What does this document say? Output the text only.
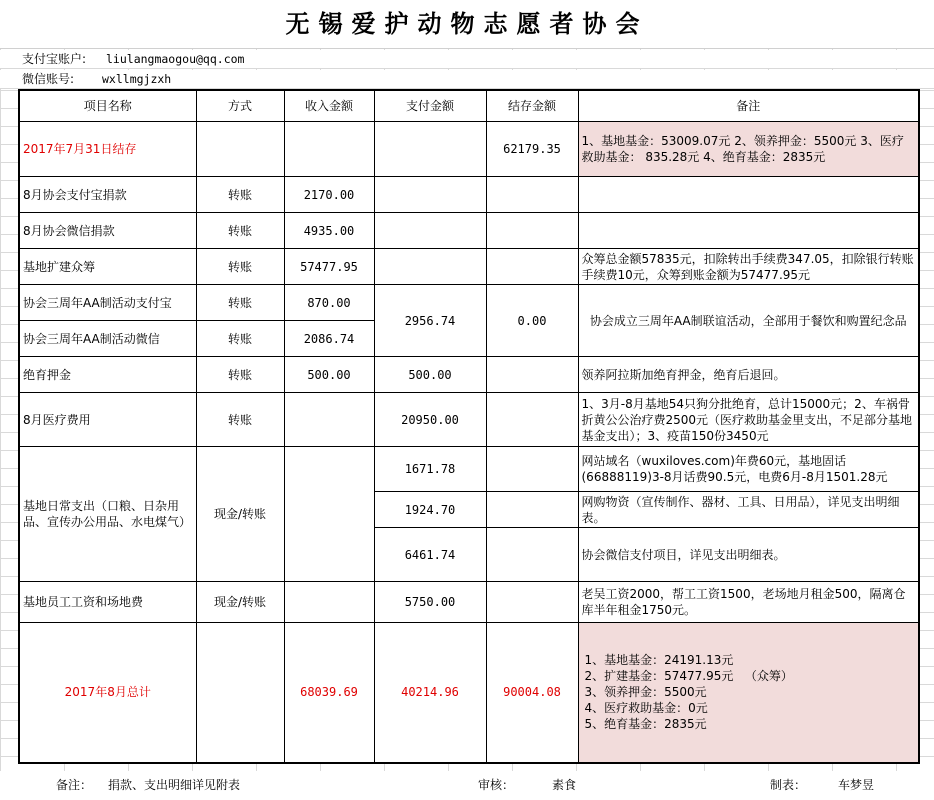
无锡爱护动物志愿者协会
支付宝账户: liulangmaogou@qq.com
微信账号: wxllmgjzxh
项目名称	方式	收入金额	支付金额	结存金额	备注
2017年7月31日结存				62179.35	1、基地基金：53009.07元 2、领养押金：5500元 3、医疗救助基金： 835.28元 4、绝育基金：2835元
8月协会支付宝捐款	转账	2170.00			
8月协会微信捐款	转账	4935.00			
基地扩建众筹	转账	57477.95			众筹总金额57835元，扣除转出手续费347.05，扣除银行转账手续费10元，众筹到账金额为57477.95元
协会三周年AA制活动支付宝	转账	870.00	2956.74	0.00	协会成立三周年AA制联谊活动，全部用于餐饮和购置纪念品
协会三周年AA制活动微信	转账	2086.74			
绝育押金	转账	500.00	500.00		领养阿拉斯加绝育押金，绝育后退回。
8月医疗费用	转账		20950.00		1、3月-8月基地54只狗分批绝育，总计15000元；2、车祸骨折黄公公治疗费2500元（医疗救助基金里支出，不足部分基地基金支出）；3、疫苗150份3450元
基地日常支出（口粮、日杂用品、宣传办公用品、水电煤气）	现金/转账		1671.78		网站域名（wuxiloves.com)年费60元，基地固话(66888119)3-8月话费90.5元，电费6月-8月1501.28元
			1924.70		网购物资（宣传制作、器材、工具、日用品），详见支出明细表。
			6461.74		协会微信支付项目，详见支出明细表。
基地员工工资和场地费	现金/转账		5750.00		老吴工资2000，帮工工资1500，老场地月租金500，隔离仓库半年租金1750元。
2017年8月总计		68039.69	40214.96	90004.08	1、基地基金：24191.13元
2、扩建基金：57477.95元   （众筹）
3、领养押金：5500元
4、医疗救助基金：0元
5、绝育基金：2835元
备注： 捐款、支出明细详见附表	审核：	素食	制表：	车梦昱
